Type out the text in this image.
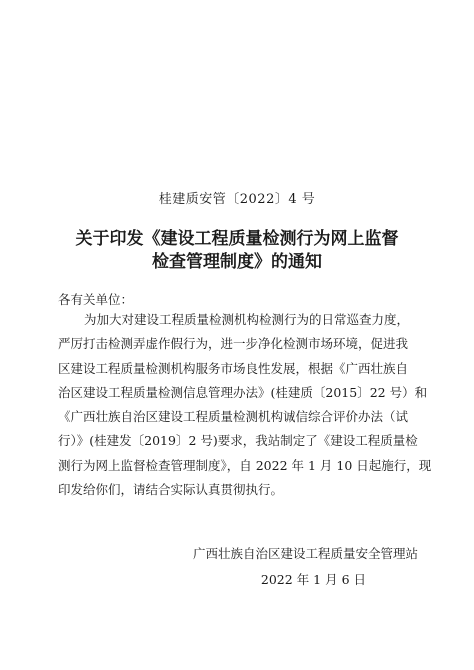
桂建质安管〔2022〕4 号
关于印发《建设工程质量检测行为网上监督
检查管理制度》的通知
各有关单位：
为加大对建设工程质量检测机构检测行为的日常巡查力度，
严厉打击检测弄虚作假行为，进一步净化检测市场环境，促进我
区建设工程质量检测机构服务市场良性发展，根据《广西壮族自
治区建设工程质量检测信息管理办法》(桂建质〔2015〕22 号）和
《广西壮族自治区建设工程质量检测机构诚信综合评价办法（试
行）》(桂建发〔2019〕2 号)要求，我站制定了《建设工程质量检
测行为网上监督检查管理制度》，自 2022 年 1 月 10 日起施行，现
印发给你们，请结合实际认真贯彻执行。
广西壮族自治区建设工程质量安全管理站
2022 年 1 月 6 日
